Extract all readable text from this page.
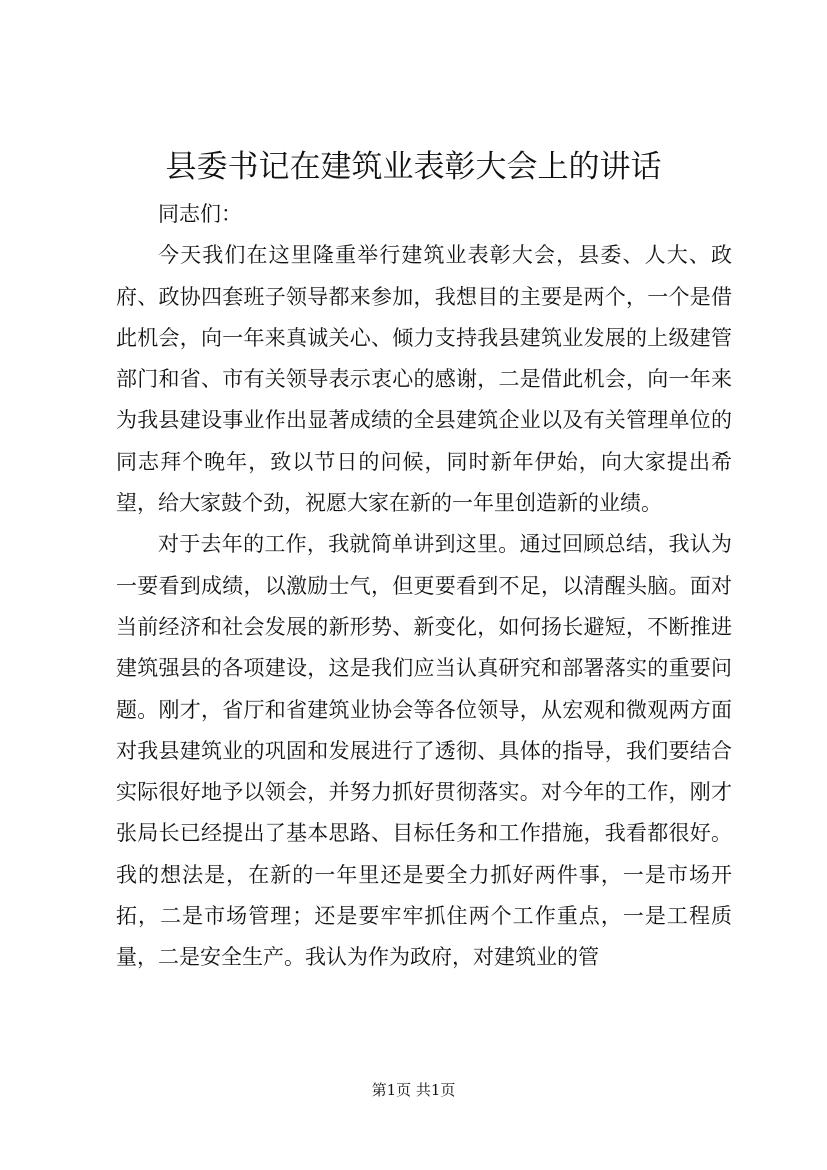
县委书记在建筑业表彰大会上的讲话

同志们：

今天我们在这里隆重举行建筑业表彰大会，县委、人大、政府、政协四套班子领导都来参加，我想目的主要是两个，一个是借此机会，向一年来真诚关心、倾力支持我县建筑业发展的上级建管部门和省、市有关领导表示衷心的感谢，二是借此机会，向一年来为我县建设事业作出显著成绩的全县建筑企业以及有关管理单位的同志拜个晚年，致以节日的问候，同时新年伊始，向大家提出希望，给大家鼓个劲，祝愿大家在新的一年里创造新的业绩。

对于去年的工作，我就简单讲到这里。通过回顾总结，我认为一要看到成绩，以激励士气，但更要看到不足，以清醒头脑。面对当前经济和社会发展的新形势、新变化，如何扬长避短，不断推进建筑强县的各项建设，这是我们应当认真研究和部署落实的重要问题。刚才，省厅和省建筑业协会等各位领导，从宏观和微观两方面对我县建筑业的巩固和发展进行了透彻、具体的指导，我们要结合实际很好地予以领会，并努力抓好贯彻落实。对今年的工作，刚才张局长已经提出了基本思路、目标任务和工作措施，我看都很好。我的想法是，在新的一年里还是要全力抓好两件事，一是市场开拓，二是市场管理；还是要牢牢抓住两个工作重点，一是工程质量，二是安全生产。我认为作为政府，对建筑业的管

第1页 共1页
